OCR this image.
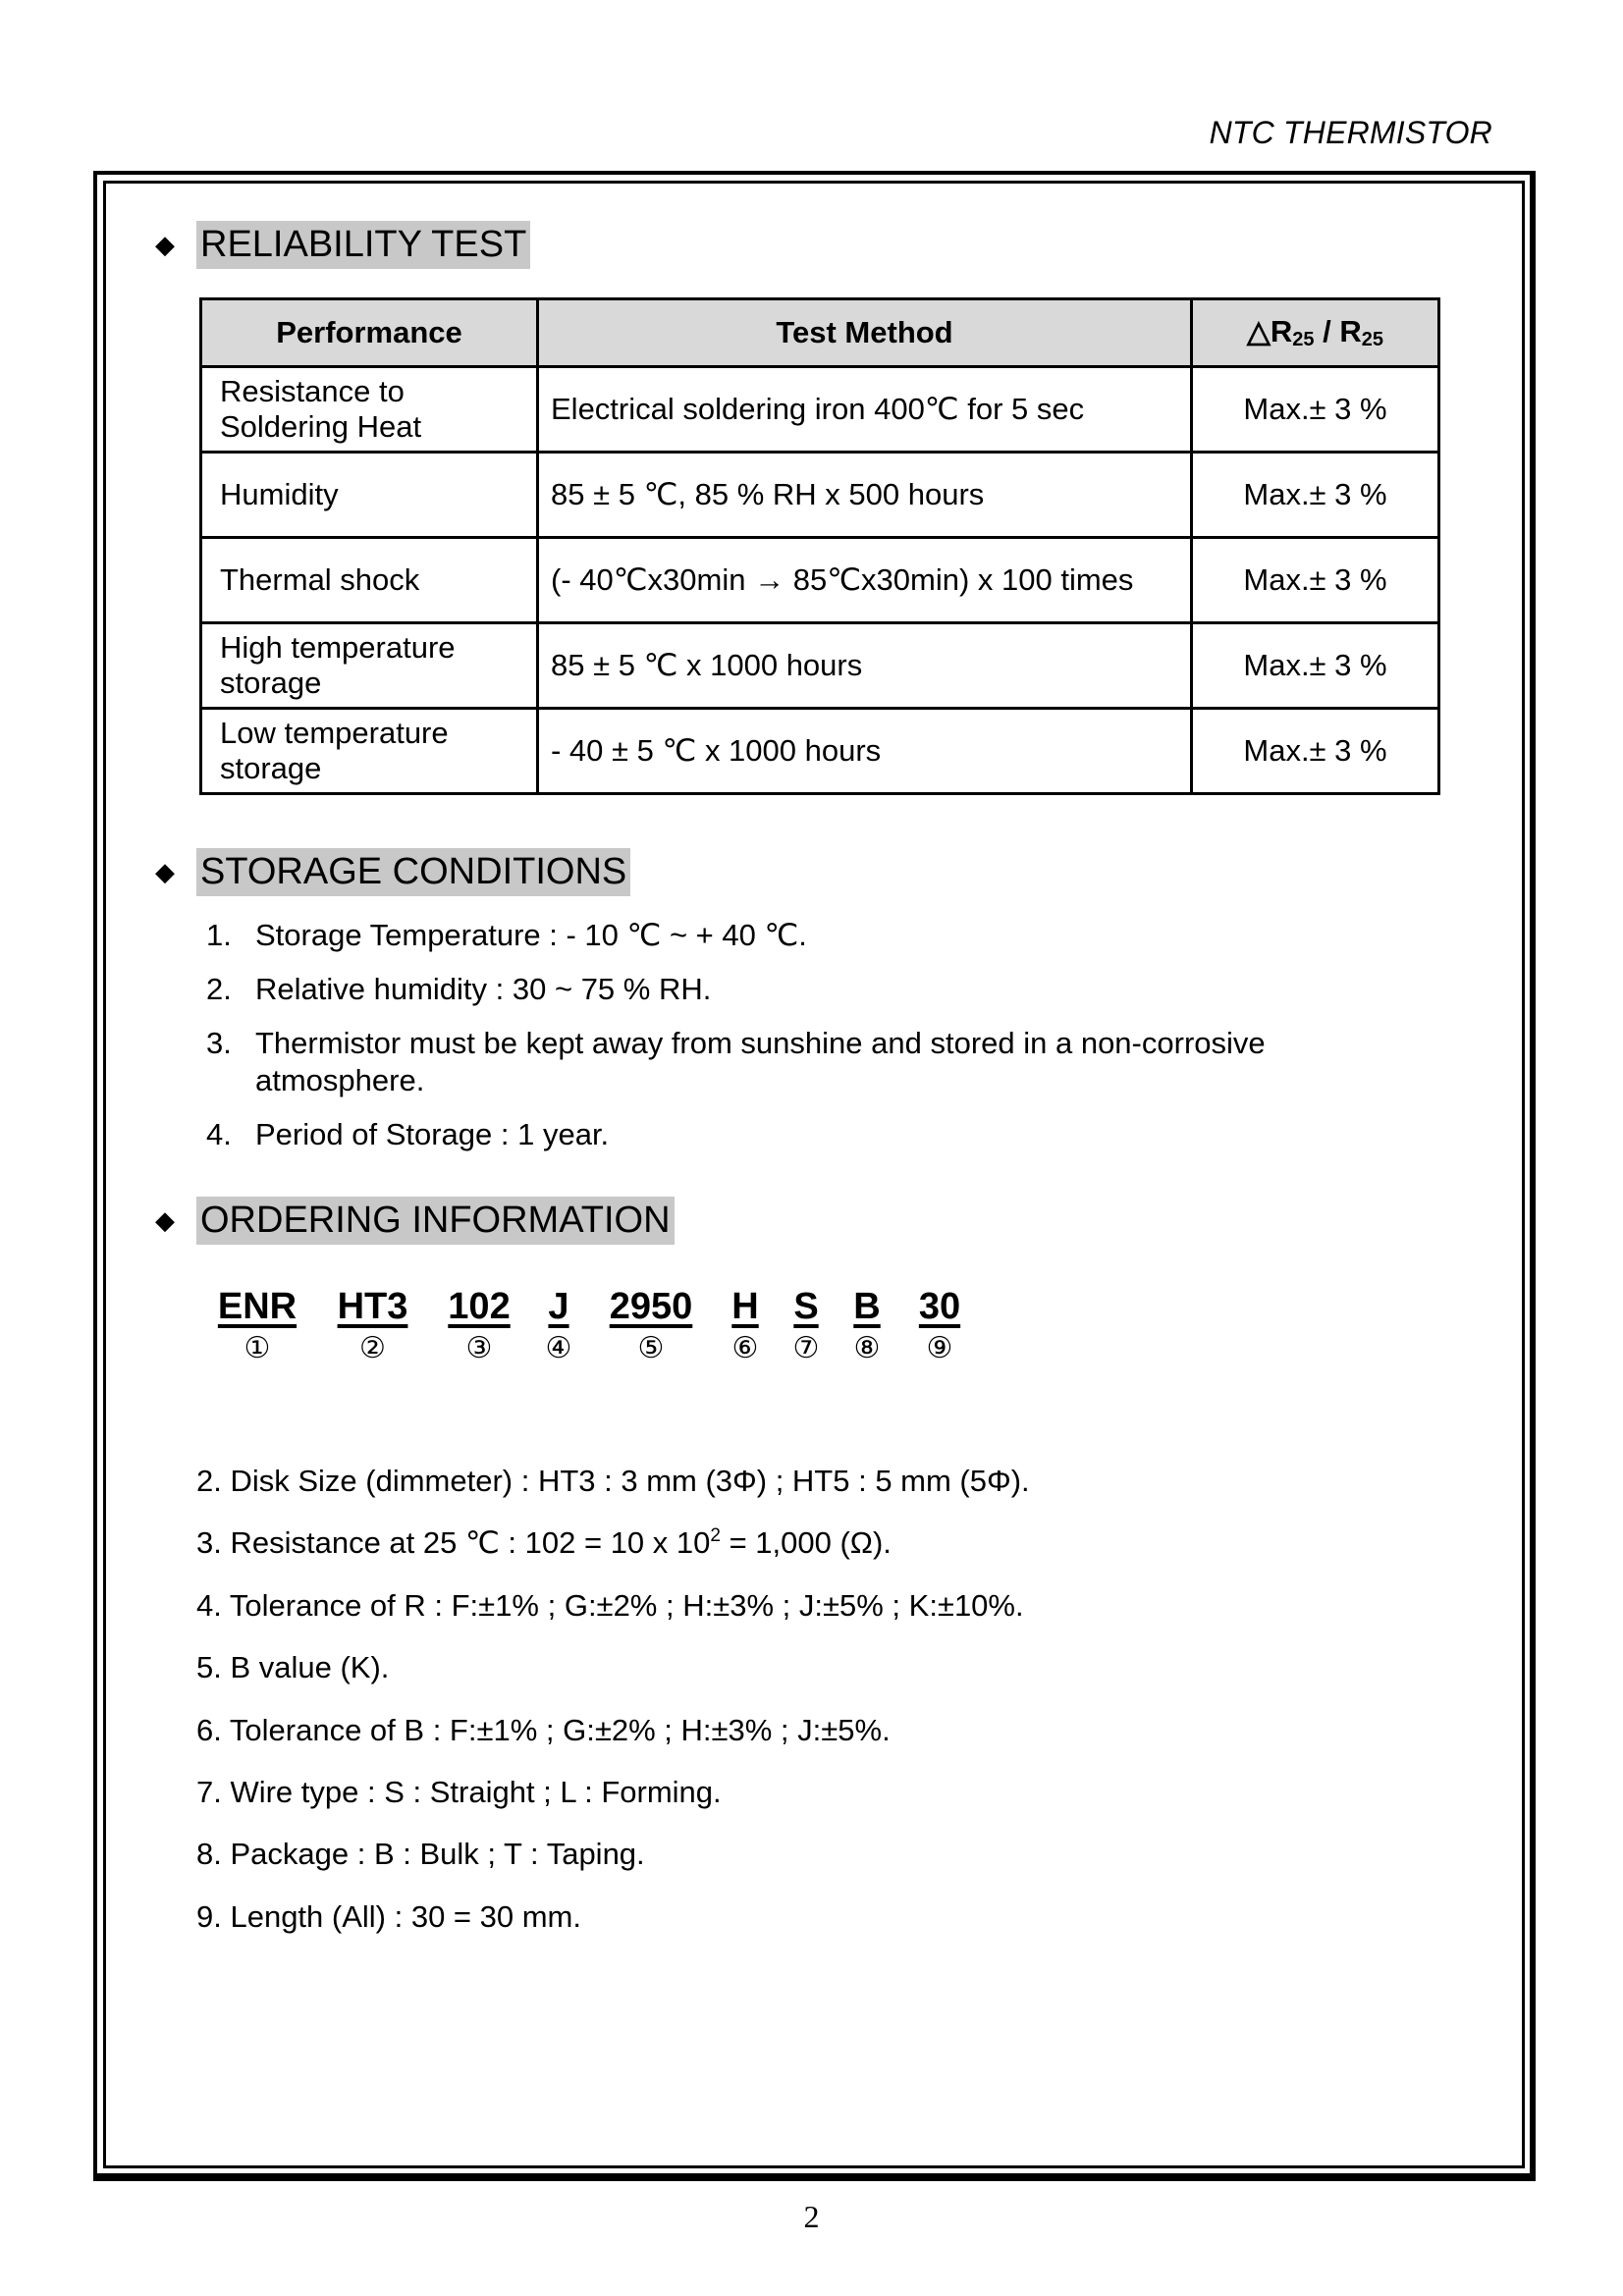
NTC THERMISTOR
◆ RELIABILITY TEST
Performance	Test Method	$\triangle R_{25} / R_{25}$

Resistance to
Soldering Heat	Electrical soldering iron 400℃ for 5 sec	Max.± 3 %

Humidity	85 ± 5 ℃, 85 % RH x 500 hours	Max.± 3 %

Thermal shock	(- 40℃x30min → 85℃x30min) x 100 times	Max.± 3 %

High temperature
storage	85 ± 5 ℃ x 1000 hours	Max.± 3 %

Low temperature
storage	- 40 ± 5 ℃ x 1000 hours	Max.± 3 %
◆ STORAGE CONDITIONS
1. Storage Temperature : - 10 ℃ ~ + 40 ℃.
2. Relative humidity : 30 ~ 75 % RH.
3. Thermistor must be kept away from sunshine and stored in a non-corrosive atmosphere.
4. Period of Storage : 1 year.
◆ ORDERING INFORMATION
ENR
①
HT3
②
102
③
J
④
2950
⑤
H
⑥
S
⑦
B
⑧
30
⑨
2. Disk Size (dimmeter) : HT3 : 3 mm (3Φ) ; HT5 : 5 mm (5Φ).
3. Resistance at 25 ℃ : 102 = 10 x $10^2 = 1,000$ (Ω).
4. Tolerance of R : F:±1% ; G:±2% ; H:±3% ; J:±5% ; K:±10%.
5. B value (K).
6. Tolerance of B : F:±1% ; G:±2% ; H:±3% ; J:±5%.
7. Wire type : S : Straight ; L : Forming.
8. Package : B : Bulk ; T : Taping.
9. Length (All) : 30 = 30 mm.
2
